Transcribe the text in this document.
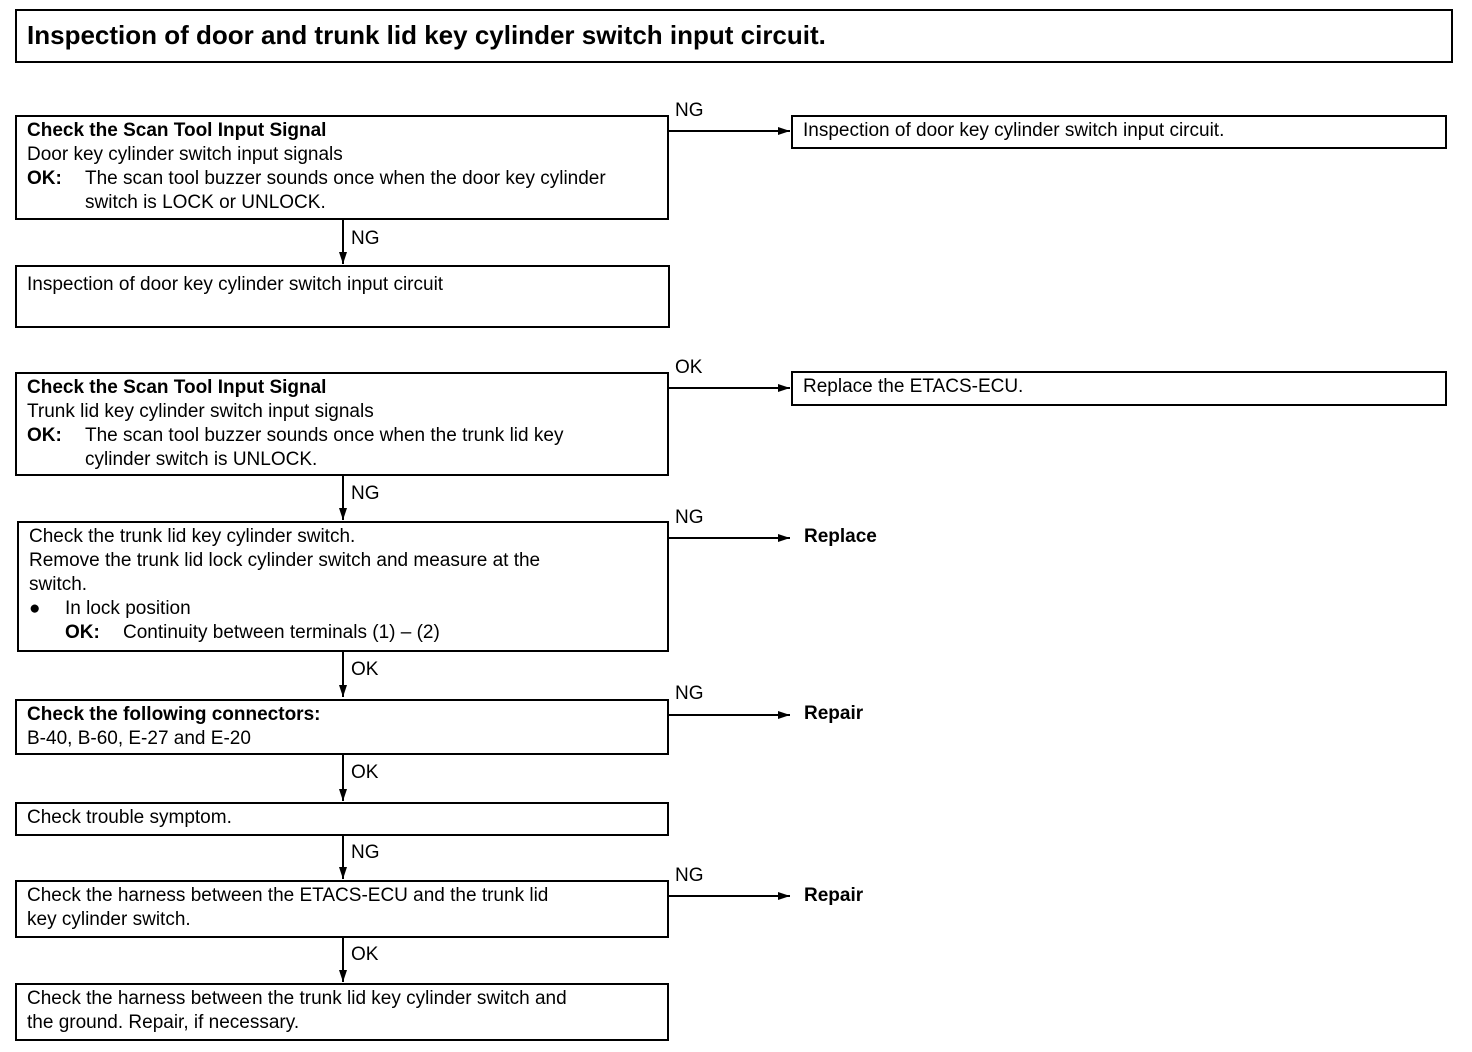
Inspection of door and trunk lid key cylinder switch input circuit.
Check the Scan Tool Input Signal
Door key cylinder switch input signals
OK:	The scan tool buzzer sounds once when the door key cylinder
switch is LOCK or UNLOCK.
Inspection of door key cylinder switch input circuit.
Inspection of door key cylinder switch input circuit
Check the Scan Tool Input Signal
Trunk lid key cylinder switch input signals
OK:	The scan tool buzzer sounds once when the trunk lid key
cylinder switch is UNLOCK.
Replace the ETACS-ECU.
Check the trunk lid key cylinder switch.
Remove the trunk lid lock cylinder switch and measure at the
switch.
●	In lock position
OK:	Continuity between terminals (1) – (2)
Check the following connectors:
B-40, B-60, E-27 and E-20
Check trouble symptom.
Check the harness between the ETACS-ECU and the trunk lid
key cylinder switch.
Check the harness between the trunk lid key cylinder switch and
the ground. Repair, if necessary.
Replace
Repair
Repair
NG
NG
OK
NG
NG
OK
NG
OK
NG
NG
OK
